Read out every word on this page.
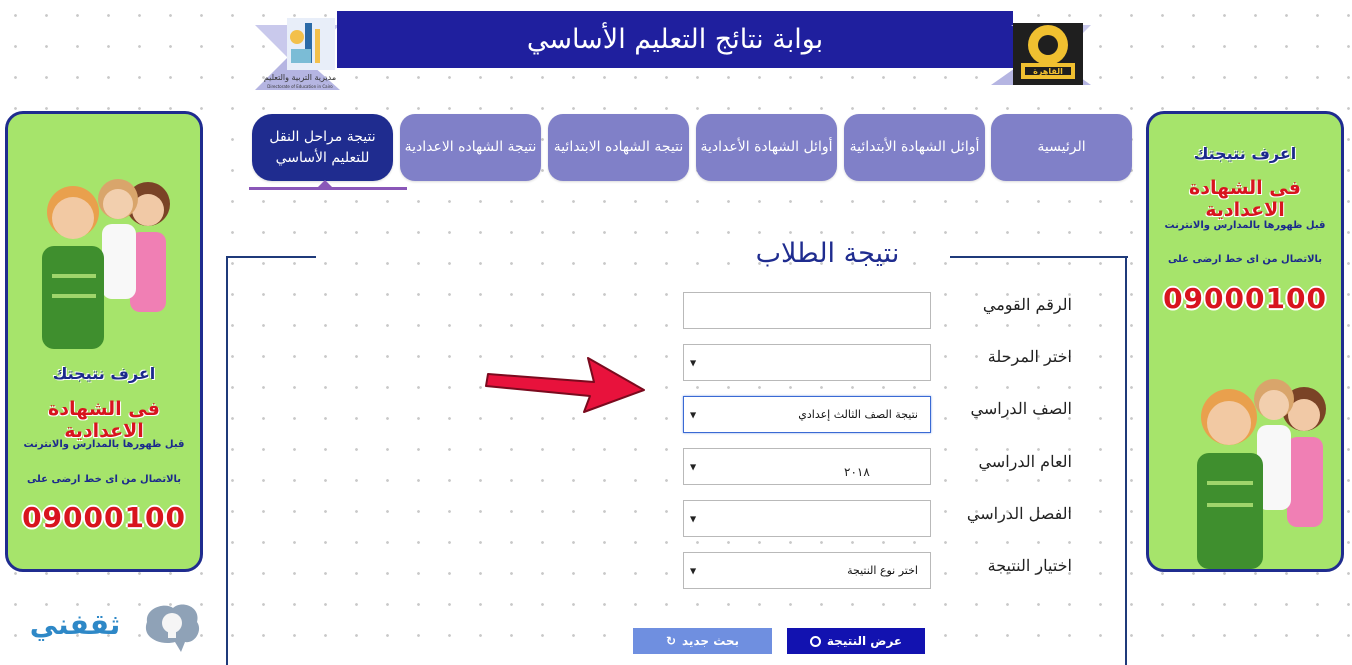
مديرية التربية والتعليم
Directorate of Education in Cairo
بوابة نتائج التعليم الأساسي
القاهرة
الرئيسية
أوائل الشهادة الأبتدائية
أوائل الشهادة الأعدادية
نتيجة الشهاده الابتدائية
نتيجة الشهاده الاعدادية
نتيجة مراحل النقل للتعليم الأساسي
اعرف نتيجتك
فى الشهادة الاعدادية
قبل ظهورها بالمدارس والانترنت
بالاتصال من اى خط ارضى على
09000100
اعرف نتيجتك
فى الشهادة الاعدادية
قبل ظهورها بالمدارس والانترنت
بالاتصال من اى خط ارضى على
09000100
نتيجة الطلاب
الرقم القومي
اختر المرحلة
▼
الصف الدراسي
▼	نتيجة الصف الثالث إعدادي
العام الدراسي
▼	٢٠١٨
الفصل الدراسي
▼
اختيار النتيجة
▼	اختر نوع النتيجة
عرض النتيجة
بحث جديد
↻
ثقفني
